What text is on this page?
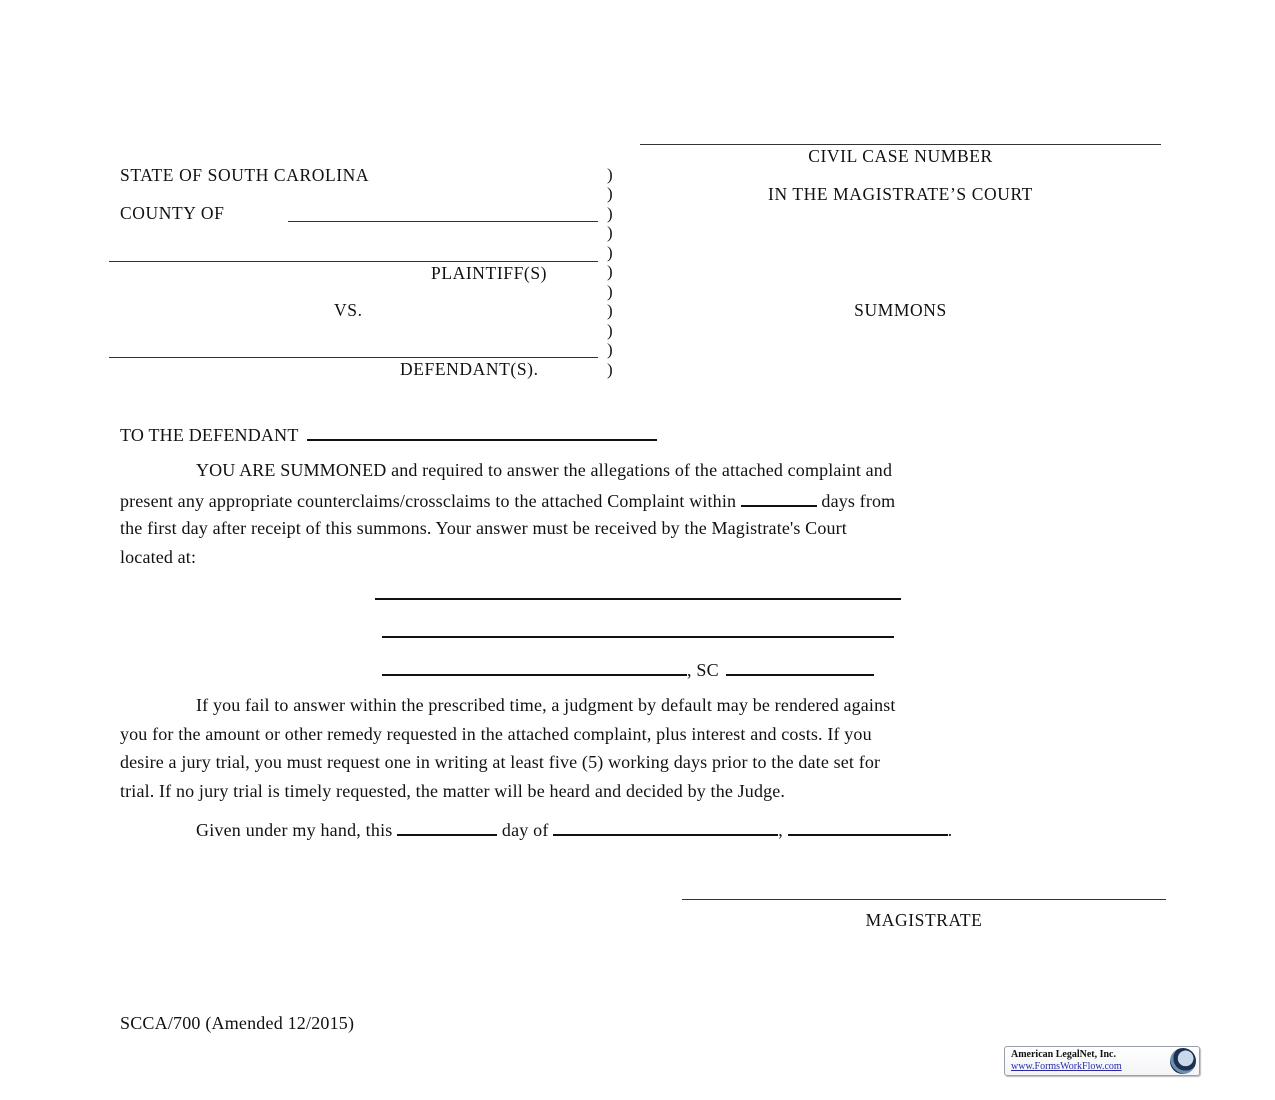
STATE OF SOUTH CAROLINA
COUNTY OF
PLAINTIFF(S)
VS.
DEFENDANT(S).
)
)
)
)
)
)
)
)
)
)
)
CIVIL CASE NUMBER
IN THE MAGISTRATE’S COURT
SUMMONS
TO THE DEFENDANT
YOU ARE SUMMONED and required to answer the allegations of the attached complaint and
present any appropriate counterclaims/crossclaims to the attached Complaint within	days from
the first day after receipt of this summons. Your answer must be received by the Magistrate's Court
located at:
, SC
If you fail to answer within the prescribed time, a judgment by default may be rendered against
you for the amount or other remedy requested in the attached complaint, plus interest and costs. If you
desire a jury trial, you must request one in writing at least five (5) working days prior to the date set for
trial. If no jury trial is timely requested, the matter will be heard and decided by the Judge.
Given under my hand, this	day of	,	.
MAGISTRATE
SCCA/700 (Amended 12/2015)
American LegalNet, Inc.
www.FormsWorkFlow.com
